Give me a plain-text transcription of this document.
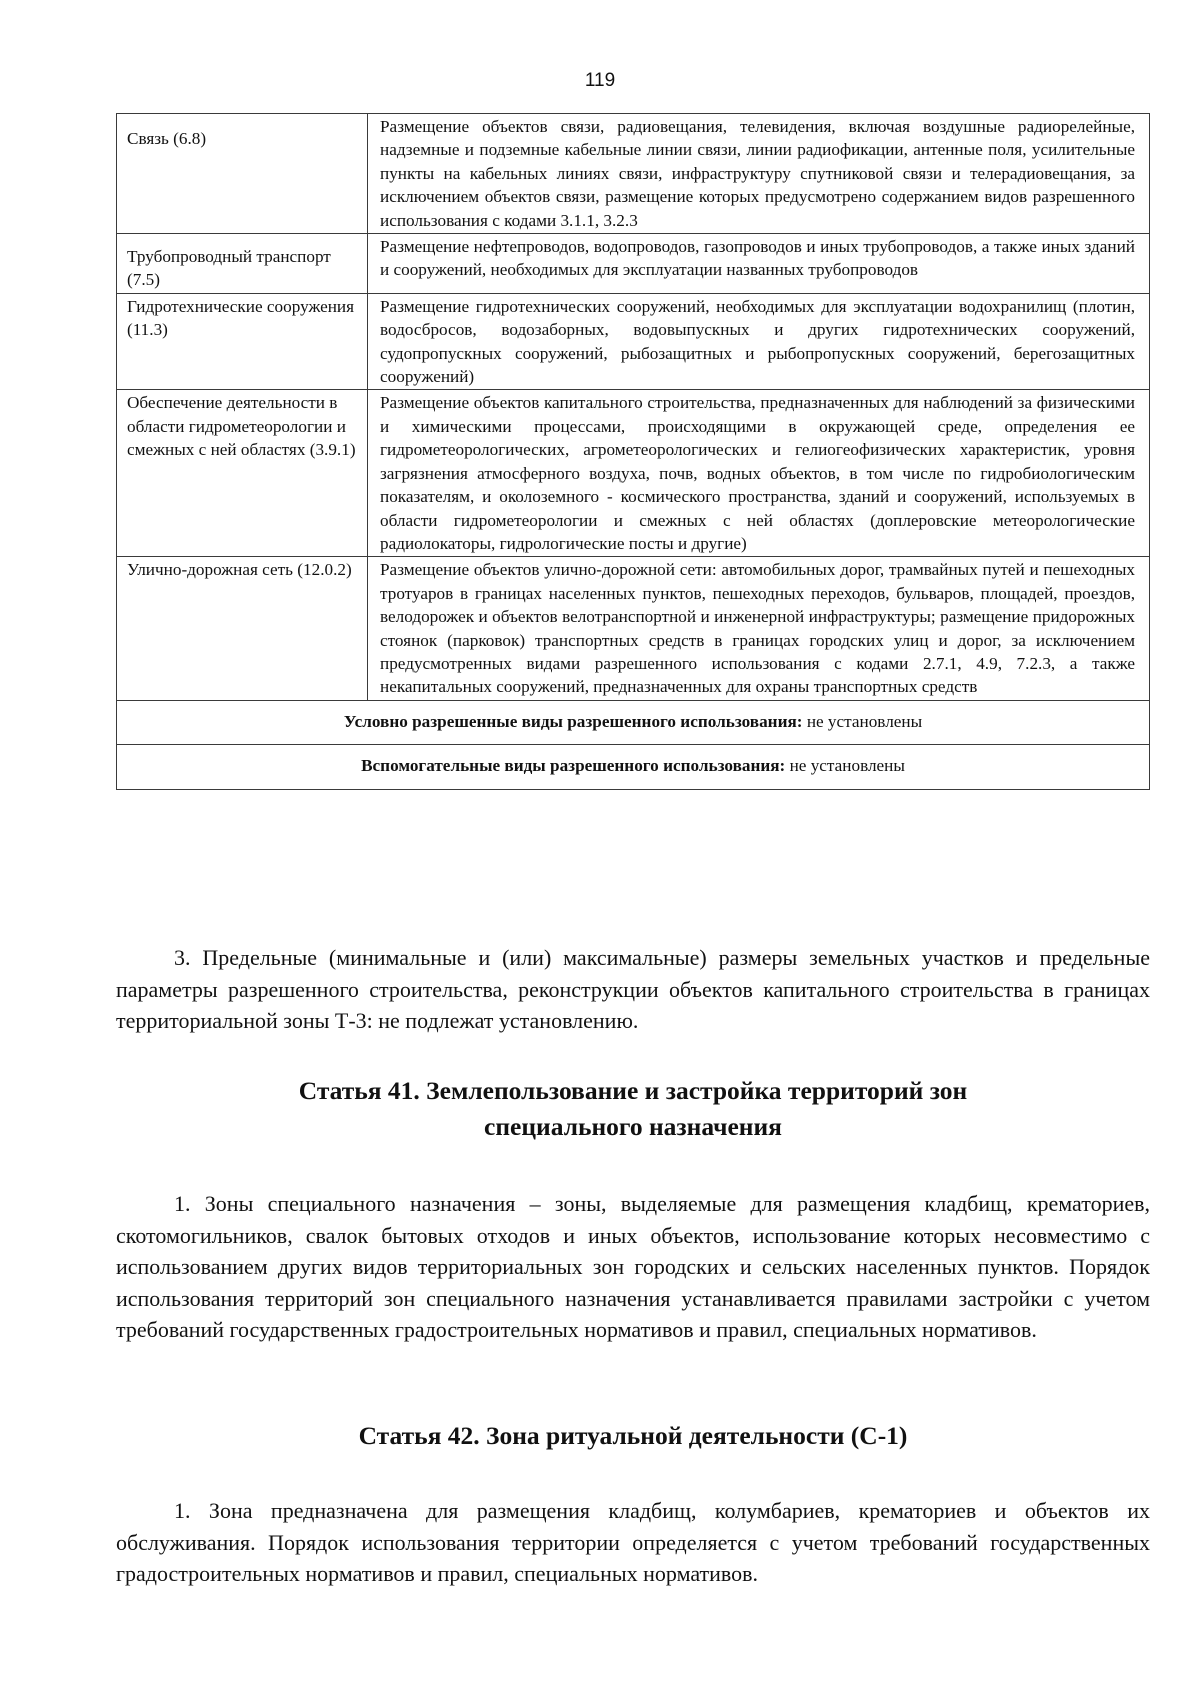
119
Связь (6.8)	Размещение объектов связи, радиовещания, телевидения, включая воздушные радиорелейные, надземные и подземные кабельные линии связи, линии радиофикации, антенные поля, усилительные пункты на кабельных линиях связи, инфраструктуру спутниковой связи и телерадиовещания, за исключением объектов связи, размещение которых предусмотрено содержанием видов разрешенного использования с кодами 3.1.1, 3.2.3
Трубопроводный транспорт (7.5)	Размещение нефтепроводов, водопроводов, газопроводов и иных трубопроводов, а также иных зданий и сооружений, необходимых для эксплуатации названных трубопроводов
Гидротехнические сооружения (11.3)	Размещение гидротехнических сооружений, необходимых для эксплуатации водохранилищ (плотин, водосбросов, водозаборных, водовыпускных и других гидротехнических сооружений, судопропускных сооружений, рыбозащитных и рыбопропускных сооружений, берегозащитных сооружений)
Обеспечение деятельности в области гидрометеорологии и смежных с ней областях (3.9.1)	Размещение объектов капитального строительства, предназначенных для наблюдений за физическими и химическими процессами, происходящими в окружающей среде, определения ее гидрометеорологических, агрометеорологических и гелиогеофизических характеристик, уровня загрязнения атмосферного воздуха, почв, водных объектов, в том числе по гидробиологическим показателям, и околоземного - космического пространства, зданий и сооружений, используемых в области гидрометеорологии и смежных с ней областях (доплеровские метеорологические радиолокаторы, гидрологические посты и другие)
Улично-дорожная сеть (12.0.2)	Размещение объектов улично-дорожной сети: автомобильных дорог, трамвайных путей и пешеходных тротуаров в границах населенных пунктов, пешеходных переходов, бульваров, площадей, проездов, велодорожек и объектов велотранспортной и инженерной инфраструктуры; размещение придорожных стоянок (парковок) транспортных средств в границах городских улиц и дорог, за исключением предусмотренных видами разрешенного использования с кодами 2.7.1, 4.9, 7.2.3, а также некапитальных сооружений, предназначенных для охраны транспортных средств
Условно разрешенные виды разрешенного использования: не установлены	
Вспомогательные виды разрешенного использования: не установлены	

3. Предельные (минимальные и (или) максимальные) размеры земельных участков и предельные параметры разрешенного строительства, реконструкции объектов капитального строительства в границах территориальной зоны Т-3: не подлежат установлению.

Статья 41. Землепользование и застройка территорий зон
специального назначения

1. Зоны специального назначения – зоны, выделяемые для размещения кладбищ, крематориев, скотомогильников, свалок бытовых отходов и иных объектов, использование которых несовместимо с использованием других видов территориальных зон городских и сельских населенных пунктов. Порядок использования территорий зон специального назначения устанавливается правилами застройки с учетом требований государственных градостроительных нормативов и правил, специальных нормативов.

Статья 42. Зона ритуальной деятельности (С-1)

1. Зона предназначена для размещения кладбищ, колумбариев, крематориев и объектов их обслуживания. Порядок использования территории определяется с учетом требований государственных градостроительных нормативов и правил, специальных нормативов.
